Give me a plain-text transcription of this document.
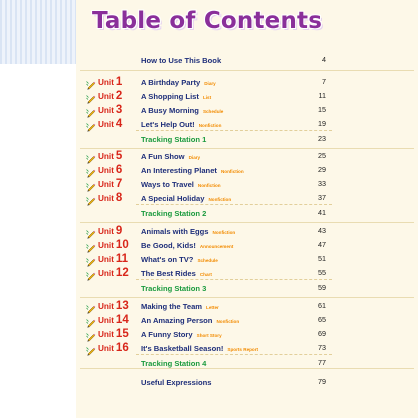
Table of Contents
How to Use This Book	4
Unit 1 A Birthday Party Diary	7
Unit 2 A Shopping List List	11
Unit 3 A Busy Morning Schedule	15
Unit 4 Let's Help Out! Nonfiction	19
Tracking Station 1	23
Unit 5 A Fun Show Diary	25
Unit 6 An Interesting Planet Nonfiction	29
Unit 7 Ways to Travel Nonfiction	33
Unit 8 A Special Holiday Nonfiction	37
Tracking Station 2	41
Unit 9 Animals with Eggs Nonfiction	43
Unit 10 Be Good, Kids! Announcement	47
Unit 11 What's on TV? Schedule	51
Unit 12 The Best Rides Chart	55
Tracking Station 3	59
Unit 13 Making the Team Letter	61
Unit 14 An Amazing Person Nonfiction	65
Unit 15 A Funny Story Short Story	69
Unit 16 It's Basketball Season! Sports Report	73
Tracking Station 4	77
Useful Expressions	79
